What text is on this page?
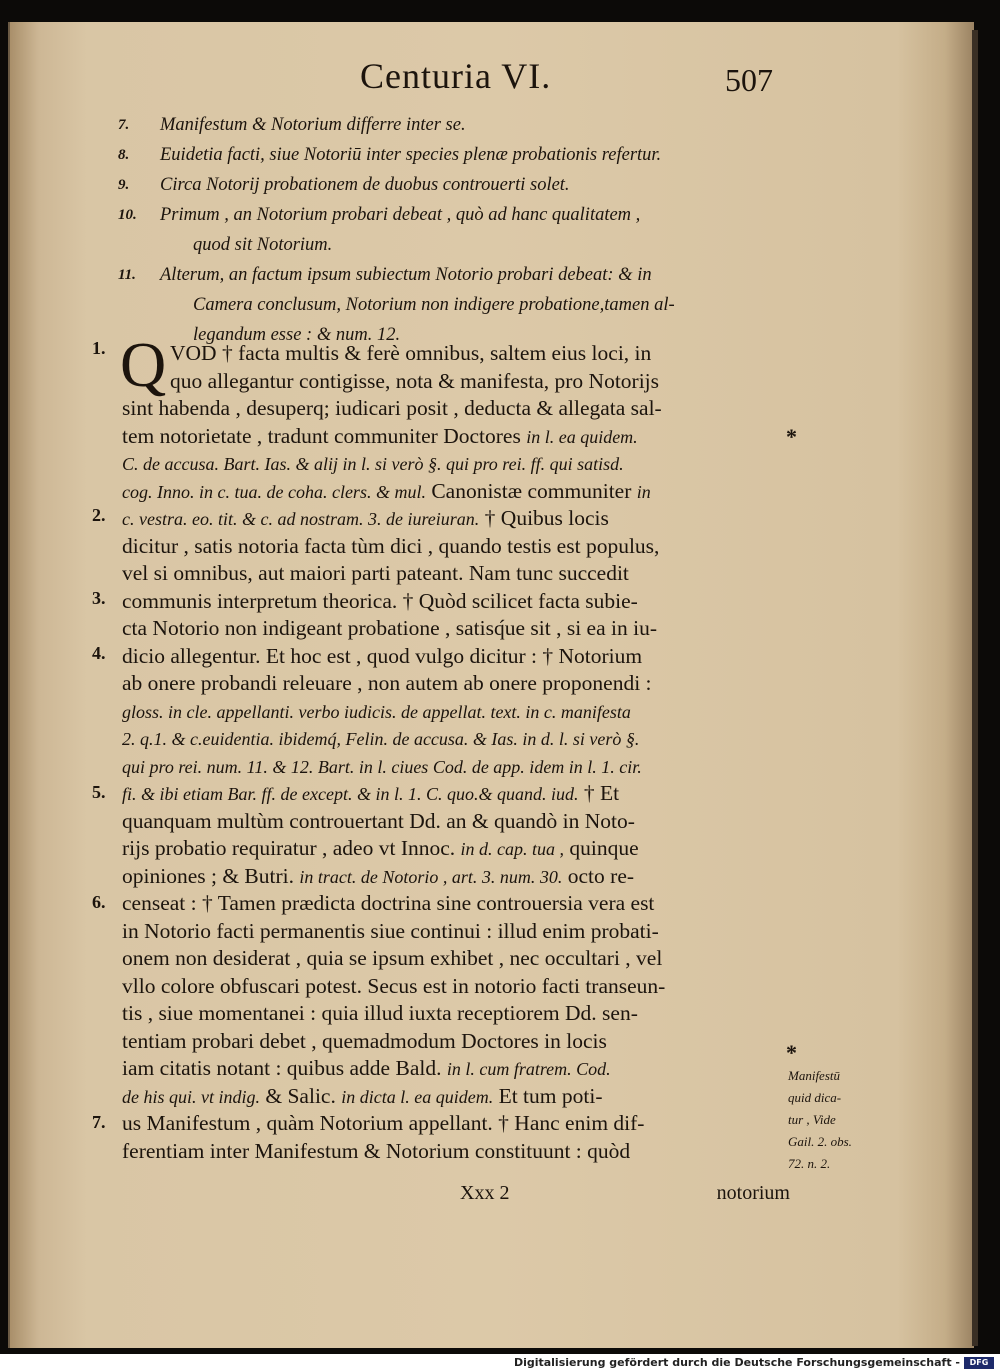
Centuria VI.	507
7.	Manifestum & Notorium differre inter se.
8.	Euidetia facti, siue Notoriū inter species plenæ probationis refertur.
9.	Circa Notorij probationem de duobus controuerti solet.
10.	Primum , an Notorium probari debeat , quò ad hanc qualitatem ,
quod sit Notorium.
11.	Alterum, an factum ipsum subiectum Notorio probari debeat: & in
Camera conclusum, Notorium non indigere probatione,tamen al-
legandum esse : & num. 12.
Q VOD † facta multis & ferè omnibus, saltem eius loci, in
quo allegantur contigisse, nota & manifesta, pro Notorijs
sint habenda , desuperq; iudicari posit , deducta & allegata sal-
tem notorietate , tradunt communiter Doctores in l. ea quidem.
C. de accusa. Bart. Ias. & alij in l. si verò §. qui pro rei. ff. qui satisd.
cog. Inno. in c. tua. de coha. clers. & mul. Canonistæ communiter in
c. vestra. eo. tit. & c. ad nostram. 3. de iureiuran. † Quibus locis
dicitur , satis notoria facta tùm dici , quando testis est populus,
vel si omnibus, aut maiori parti pateant. Nam tunc succedit
communis interpretum theorica. † Quòd scilicet facta subie-
cta Notorio non indigeant probatione , satisq́ue sit , si ea in iu-
dicio allegentur. Et hoc est , quod vulgo dicitur : † Notorium
ab onere probandi releuare , non autem ab onere proponendi :
gloss. in cle. appellanti. verbo iudicis. de appellat. text. in c. manifesta
2. q.1. & c.euidentia. ibidemq́, Felin. de accusa. & Ias. in d. l. si verò §.
qui pro rei. num. 11. & 12. Bart. in l. ciues Cod. de app. idem in l. 1. cir.
fi. & ibi etiam Bar. ff. de except. & in l. 1. C. quo.& quand. iud. † Et
quanquam multùm controuertant Dd. an & quandò in Noto-
rijs probatio requiratur , adeo vt Innoc. in d. cap. tua , quinque
opiniones ; & Butri. in tract. de Notorio , art. 3. num. 30. octo re-
censeat : † Tamen prædicta doctrina sine controuersia vera est
in Notorio facti permanentis siue continui : illud enim probati-
onem non desiderat , quia se ipsum exhibet , nec occultari , vel
vllo colore obfuscari potest. Secus est in notorio facti transeun-
tis , siue momentanei : quia illud iuxta receptiorem Dd. sen-
tentiam probari debet , quemadmodum Doctores in locis
iam citatis notant : quibus adde Bald. in l. cum fratrem. Cod.
de his qui. vt indig. & Salic. in dicta l. ea quidem. Et tum poti-
us Manifestum , quàm Notorium appellant. † Hanc enim dif-
ferentiam inter Manifestum & Notorium constituunt : quòd
1.
2.
3.
4.
5.
6.
7.
*
*
Manifestū
quid dica-
tur , Vide
Gail. 2. obs.
72. n. 2.
Xxx 2	notorium
Digitalisierung gefördert durch die Deutsche Forschungsgemeinschaft -	DFG
